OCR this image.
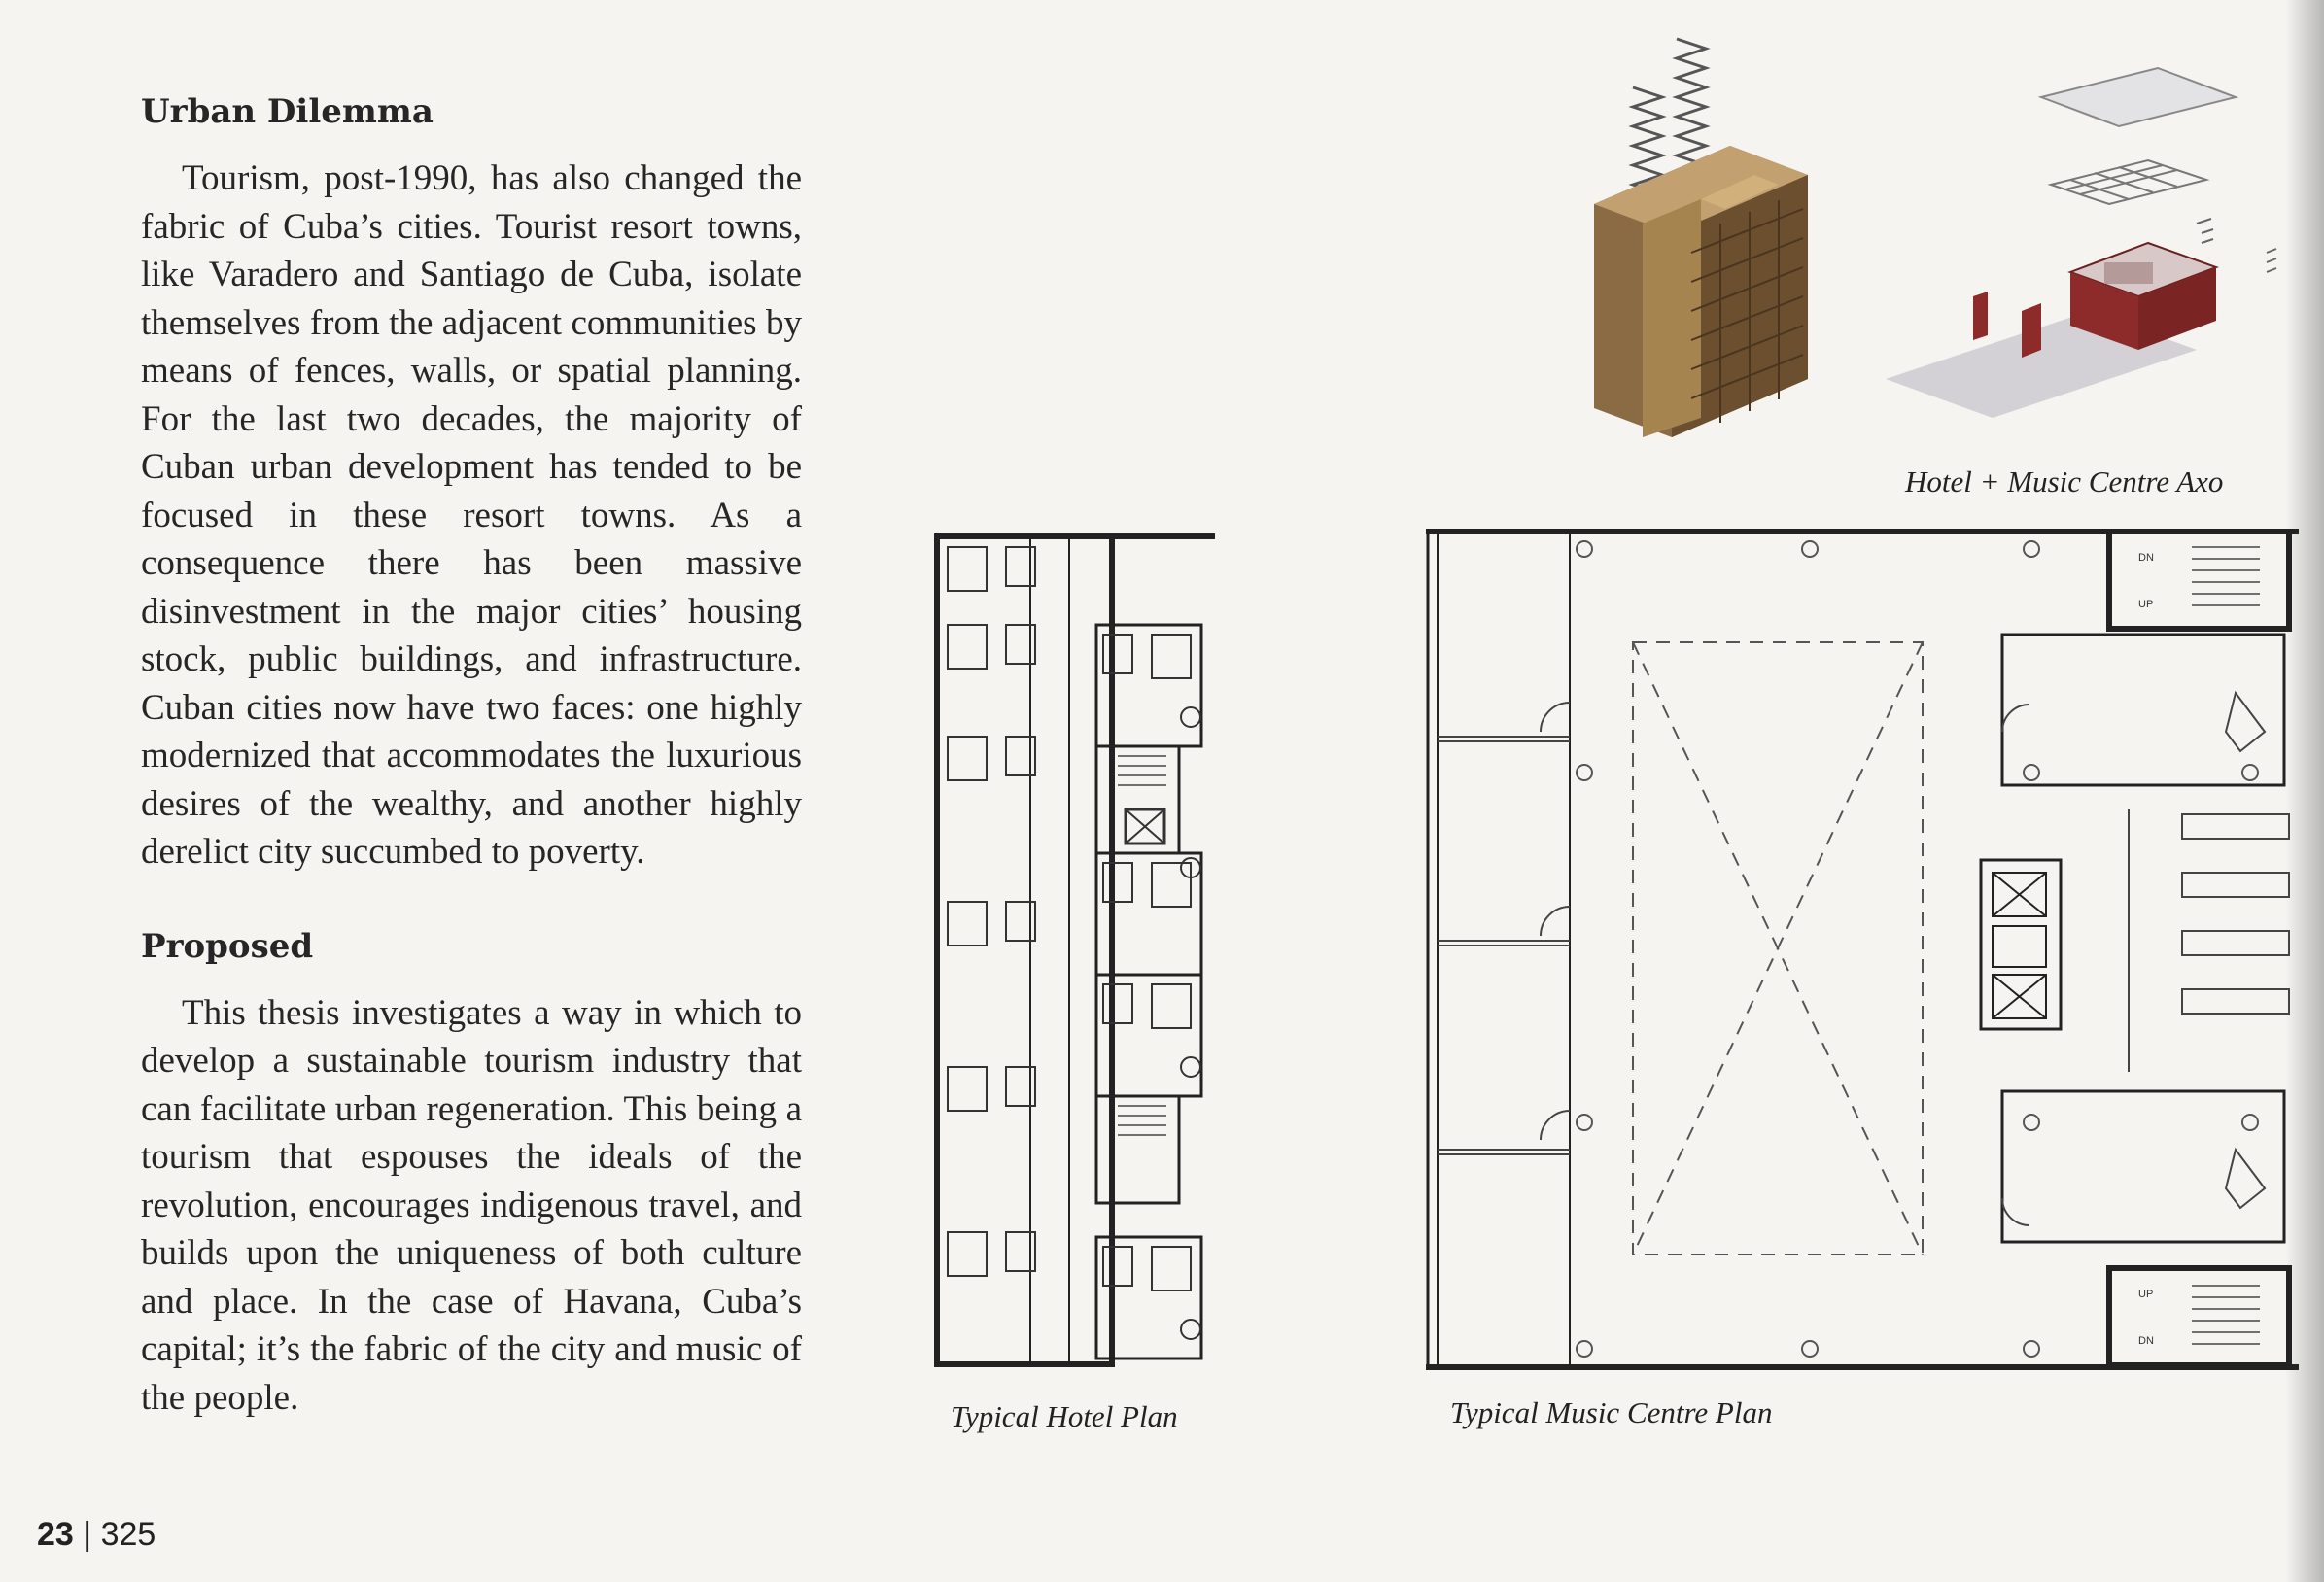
Urban Dilemma

Tourism, post-1990, has also changed the fabric of Cuba’s cities. Tourist resort towns, like Varadero and Santiago de Cuba, isolate themselves from the adjacent communities by means of fences, walls, or spatial planning. For the last two decades, the majority of Cuban urban development has tended to be focused in these resort towns. As a consequence there has been massive disinvestment in the major cities’ housing stock, public buildings, and infrastructure. Cuban cities now have two faces: one highly modernized that accommodates the luxurious desires of the wealthy, and another highly derelict city succumbed to poverty.

Proposed

This thesis investigates a way in which to develop a sustainable tourism industry that can facilitate urban regeneration. This being a tourism that espouses the ideals of the revolution, encourages indigenous travel, and builds upon the uniqueness of both culture and place. In the case of Havana, Cuba’s capital; it’s the fabric of the city and music of the people.

Hotel + Music Centre Axo
Typical Hotel Plan
DN
UP
UP
DN
Typical Music Centre Plan
23 | 325
